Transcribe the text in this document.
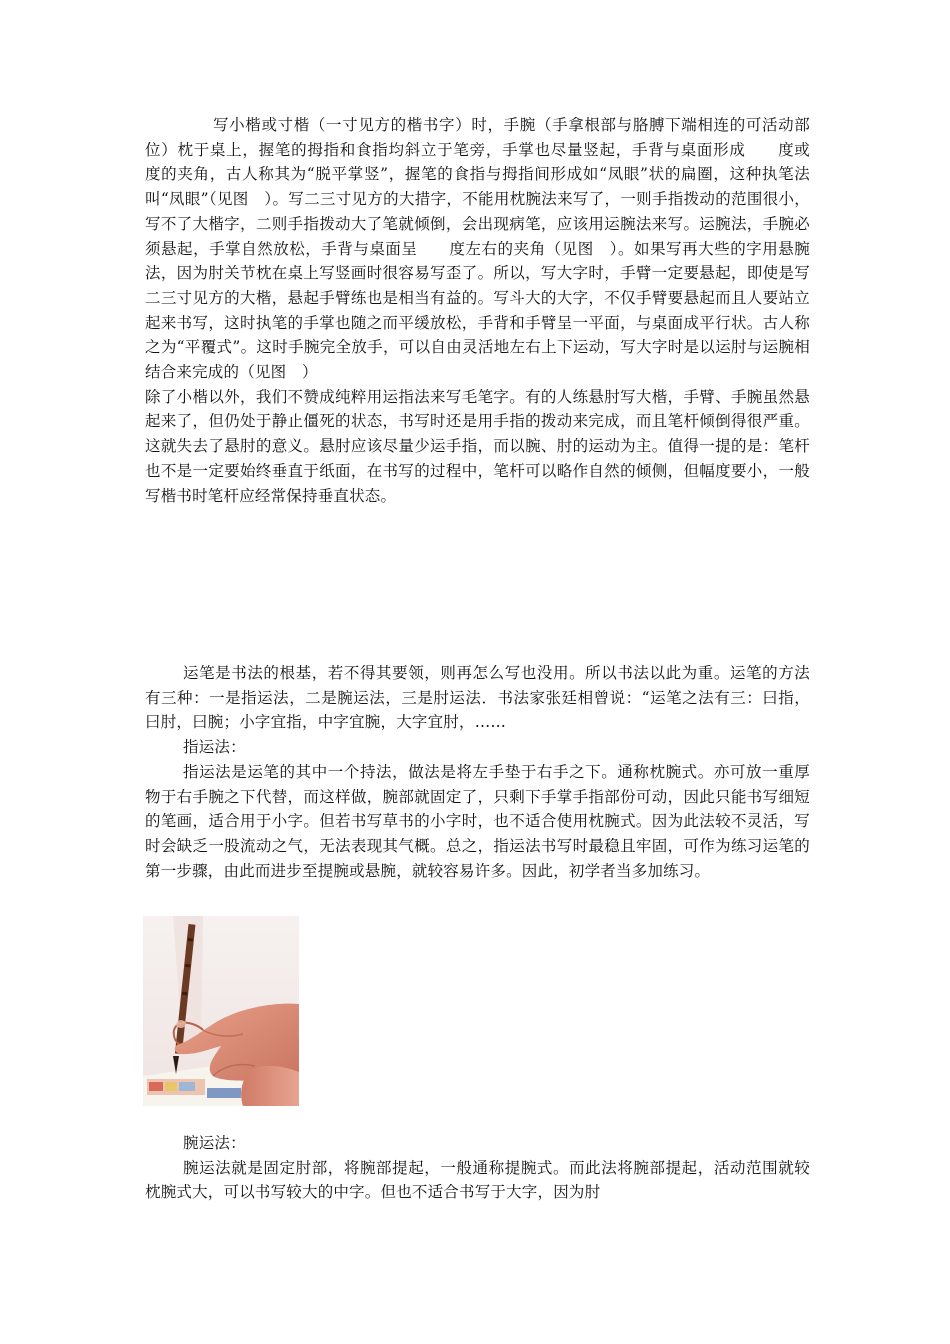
写小楷或寸楷（一寸见方的楷书字）时，手腕（手拿根部与胳膊下端相连的可活动部位）枕于桌上，握笔的拇指和食指均斜立于笔旁，手掌也尽量竖起，手背与桌面形成　　度或　　度的夹角，古人称其为“脱平掌竖”，握笔的食指与拇指间形成如“凤眼”状的扁圈，这种执笔法叫“凤眼”（见图　）。写二三寸见方的大措字，不能用枕腕法来写了，一则手指拨动的范围很小，写不了大楷字，二则手指拨动大了笔就倾倒，会出现病笔，应该用运腕法来写。运腕法，手腕必须悬起，手掌自然放松，手背与桌面呈　　度左右的夹角（见图　）。如果写再大些的字用悬腕法，因为肘关节枕在桌上写竖画时很容易写歪了。所以，写大字时，手臂一定要悬起，即使是写二三寸见方的大楷，悬起手臂练也是相当有益的。写斗大的大字，不仅手臂要悬起而且人要站立起来书写，这时执笔的手掌也随之而平缓放松，手背和手臂呈一平面，与桌面成平行状。古人称之为“平覆式”。这时手腕完全放手，可以自由灵活地左右上下运动，写大字时是以运肘与运腕相结合来完成的（见图　）

除了小楷以外，我们不赞成纯粹用运指法来写毛笔字。有的人练悬肘写大楷，手臂、手腕虽然悬起来了，但仍处于静止僵死的状态，书写时还是用手指的拨动来完成，而且笔杆倾倒得很严重。这就失去了悬肘的意义。悬肘应该尽量少运手指，而以腕、肘的运动为主。值得一提的是：笔杆也不是一定要始终垂直于纸面，在书写的过程中，笔杆可以略作自然的倾侧，但幅度要小，一般写楷书时笔杆应经常保持垂直状态。

运笔是书法的根基，若不得其要领，则再怎么写也没用。所以书法以此为重。运笔的方法有三种：一是指运法，二是腕运法，三是肘运法．书法家张廷相曾说：“运笔之法有三：曰指，曰肘，曰腕；小字宜指，中字宜腕，大字宜肘，……

指运法：

指运法是运笔的其中一个持法，做法是将左手垫于右手之下。通称枕腕式。亦可放一重厚物于右手腕之下代替，而这样做，腕部就固定了，只剩下手掌手指部份可动，因此只能书写细短的笔画，适合用于小字。但若书写草书的小字时，也不适合使用枕腕式。因为此法较不灵活，写时会缺乏一股流动之气，无法表现其气概。总之，指运法书写时最稳且牢固，可作为练习运笔的第一步骤，由此而进步至提腕或悬腕，就较容易许多。因此，初学者当多加练习。

腕运法：

腕运法就是固定肘部，将腕部提起，一般通称提腕式。而此法将腕部提起，活动范围就较枕腕式大，可以书写较大的中字。但也不适合书写于大字，因为肘
